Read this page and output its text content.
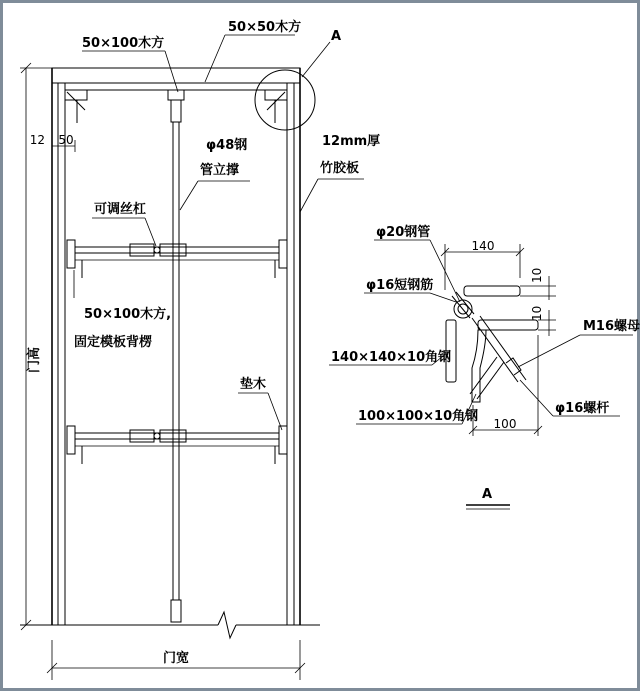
门高
12 50
门宽
50×100木方
50×50木方
A
φ48钢
管立撑
12mm厚
竹胶板
可调丝杠
50×100木方,
固定模板背楞
垫木
140
10
10
100
φ20钢管
φ16短钢筋
140×140×10角钢
M16螺母
100×100×10角钢
φ16螺杆
A
